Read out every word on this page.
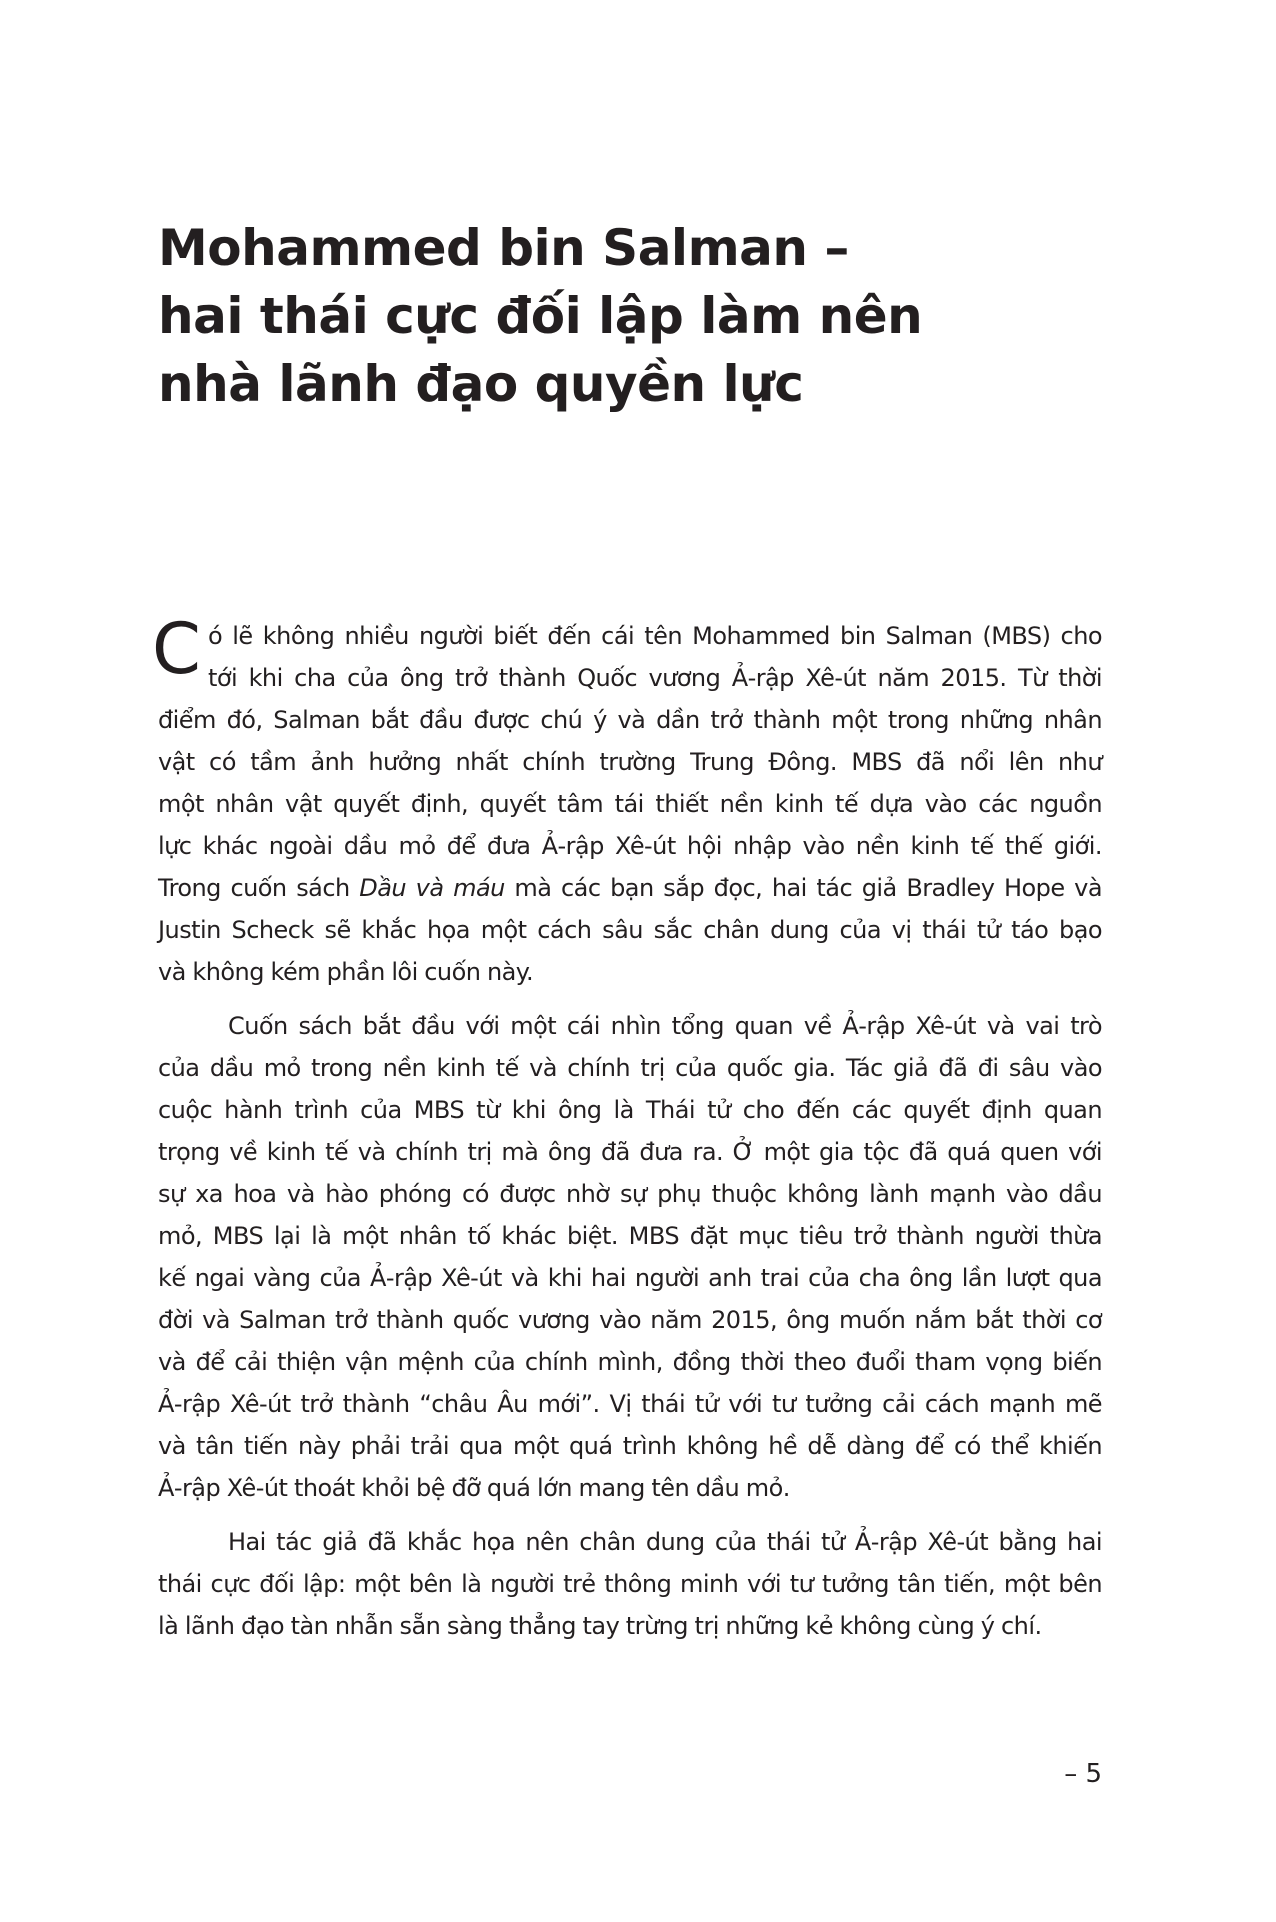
Mohammed bin Salman –
hai thái cực đối lập làm nên
nhà lãnh đạo quyền lực

C ó lẽ không nhiều người biết đến cái tên Mohammed bin Salman (MBS) cho
tới khi cha của ông trở thành Quốc vương Ả-rập Xê-út năm 2015. Từ thời
điểm đó, Salman bắt đầu được chú ý và dần trở thành một trong những nhân
vật có tầm ảnh hưởng nhất chính trường Trung Đông. MBS đã nổi lên như
một nhân vật quyết định, quyết tâm tái thiết nền kinh tế dựa vào các nguồn
lực khác ngoài dầu mỏ để đưa Ả-rập Xê-út hội nhập vào nền kinh tế thế giới.
Trong cuốn sách Dầu và máu mà các bạn sắp đọc, hai tác giả Bradley Hope và
Justin Scheck sẽ khắc họa một cách sâu sắc chân dung của vị thái tử táo bạo
và không kém phần lôi cuốn này.

Cuốn sách bắt đầu với một cái nhìn tổng quan về Ả-rập Xê-út và vai trò
của dầu mỏ trong nền kinh tế và chính trị của quốc gia. Tác giả đã đi sâu vào
cuộc hành trình của MBS từ khi ông là Thái tử cho đến các quyết định quan
trọng về kinh tế và chính trị mà ông đã đưa ra. Ở một gia tộc đã quá quen với
sự xa hoa và hào phóng có được nhờ sự phụ thuộc không lành mạnh vào dầu
mỏ, MBS lại là một nhân tố khác biệt. MBS đặt mục tiêu trở thành người thừa
kế ngai vàng của Ả-rập Xê-út và khi hai người anh trai của cha ông lần lượt qua
đời và Salman trở thành quốc vương vào năm 2015, ông muốn nắm bắt thời cơ
và để cải thiện vận mệnh của chính mình, đồng thời theo đuổi tham vọng biến
Ả-rập Xê-út trở thành “châu Âu mới”. Vị thái tử với tư tưởng cải cách mạnh mẽ
và tân tiến này phải trải qua một quá trình không hề dễ dàng để có thể khiến
Ả-rập Xê-út thoát khỏi bệ đỡ quá lớn mang tên dầu mỏ.

Hai tác giả đã khắc họa nên chân dung của thái tử Ả-rập Xê-út bằng hai
thái cực đối lập: một bên là người trẻ thông minh với tư tưởng tân tiến, một bên
là lãnh đạo tàn nhẫn sẵn sàng thẳng tay trừng trị những kẻ không cùng ý chí.

– 5
